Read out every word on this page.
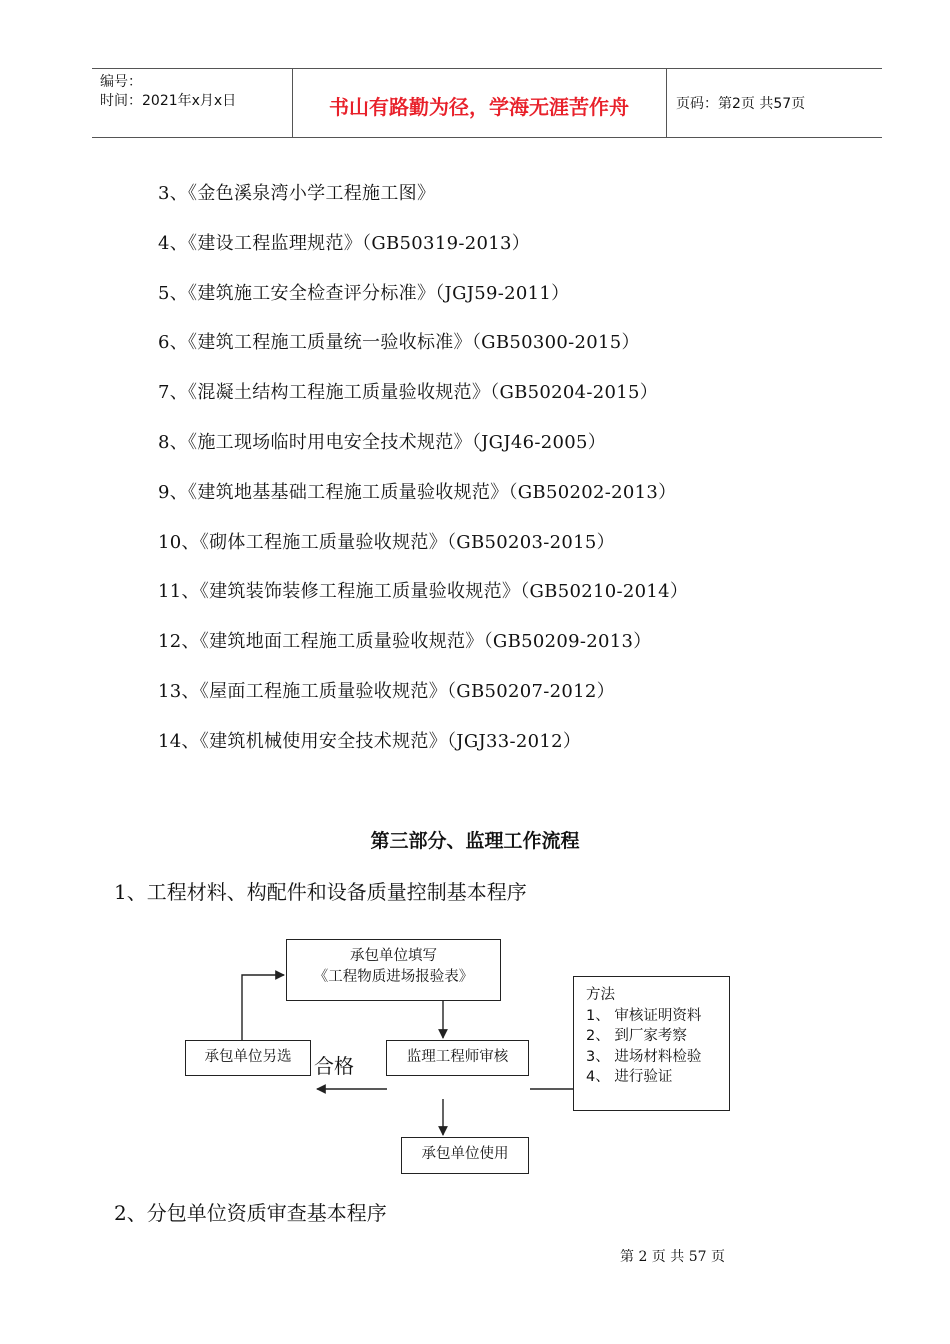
编号：
时间：2021年x月x日	书山有路勤为径，学海无涯苦作舟	页码：第2页 共57页
3、《金色溪泉湾小学工程施工图》
4、《建设工程监理规范》（GB50319-2013）
5、《建筑施工安全检查评分标准》（JGJ59-2011）
6、《建筑工程施工质量统一验收标准》（GB50300-2015）
7、《混凝土结构工程施工质量验收规范》（GB50204-2015）
8、《施工现场临时用电安全技术规范》（JGJ46-2005）
9、《建筑地基基础工程施工质量验收规范》（GB50202-2013）
10、《砌体工程施工质量验收规范》（GB50203-2015）
11、《建筑装饰装修工程施工质量验收规范》（GB50210-2014）
12、《建筑地面工程施工质量验收规范》（GB50209-2013）
13、《屋面工程施工质量验收规范》（GB50207-2012）
14、《建筑机械使用安全技术规范》（JGJ33-2012）
第三部分、监理工作流程
1、工程材料、构配件和设备质量控制基本程序
承包单位填写
《工程物质进场报验表》
承包单位另选	合格	监理工程师审核
承包单位使用
方法
1、 审核证明资料
2、 到厂家考察
3、 进场材料检验
4、 进行验证
2、分包单位资质审查基本程序
第 2 页 共 57 页
